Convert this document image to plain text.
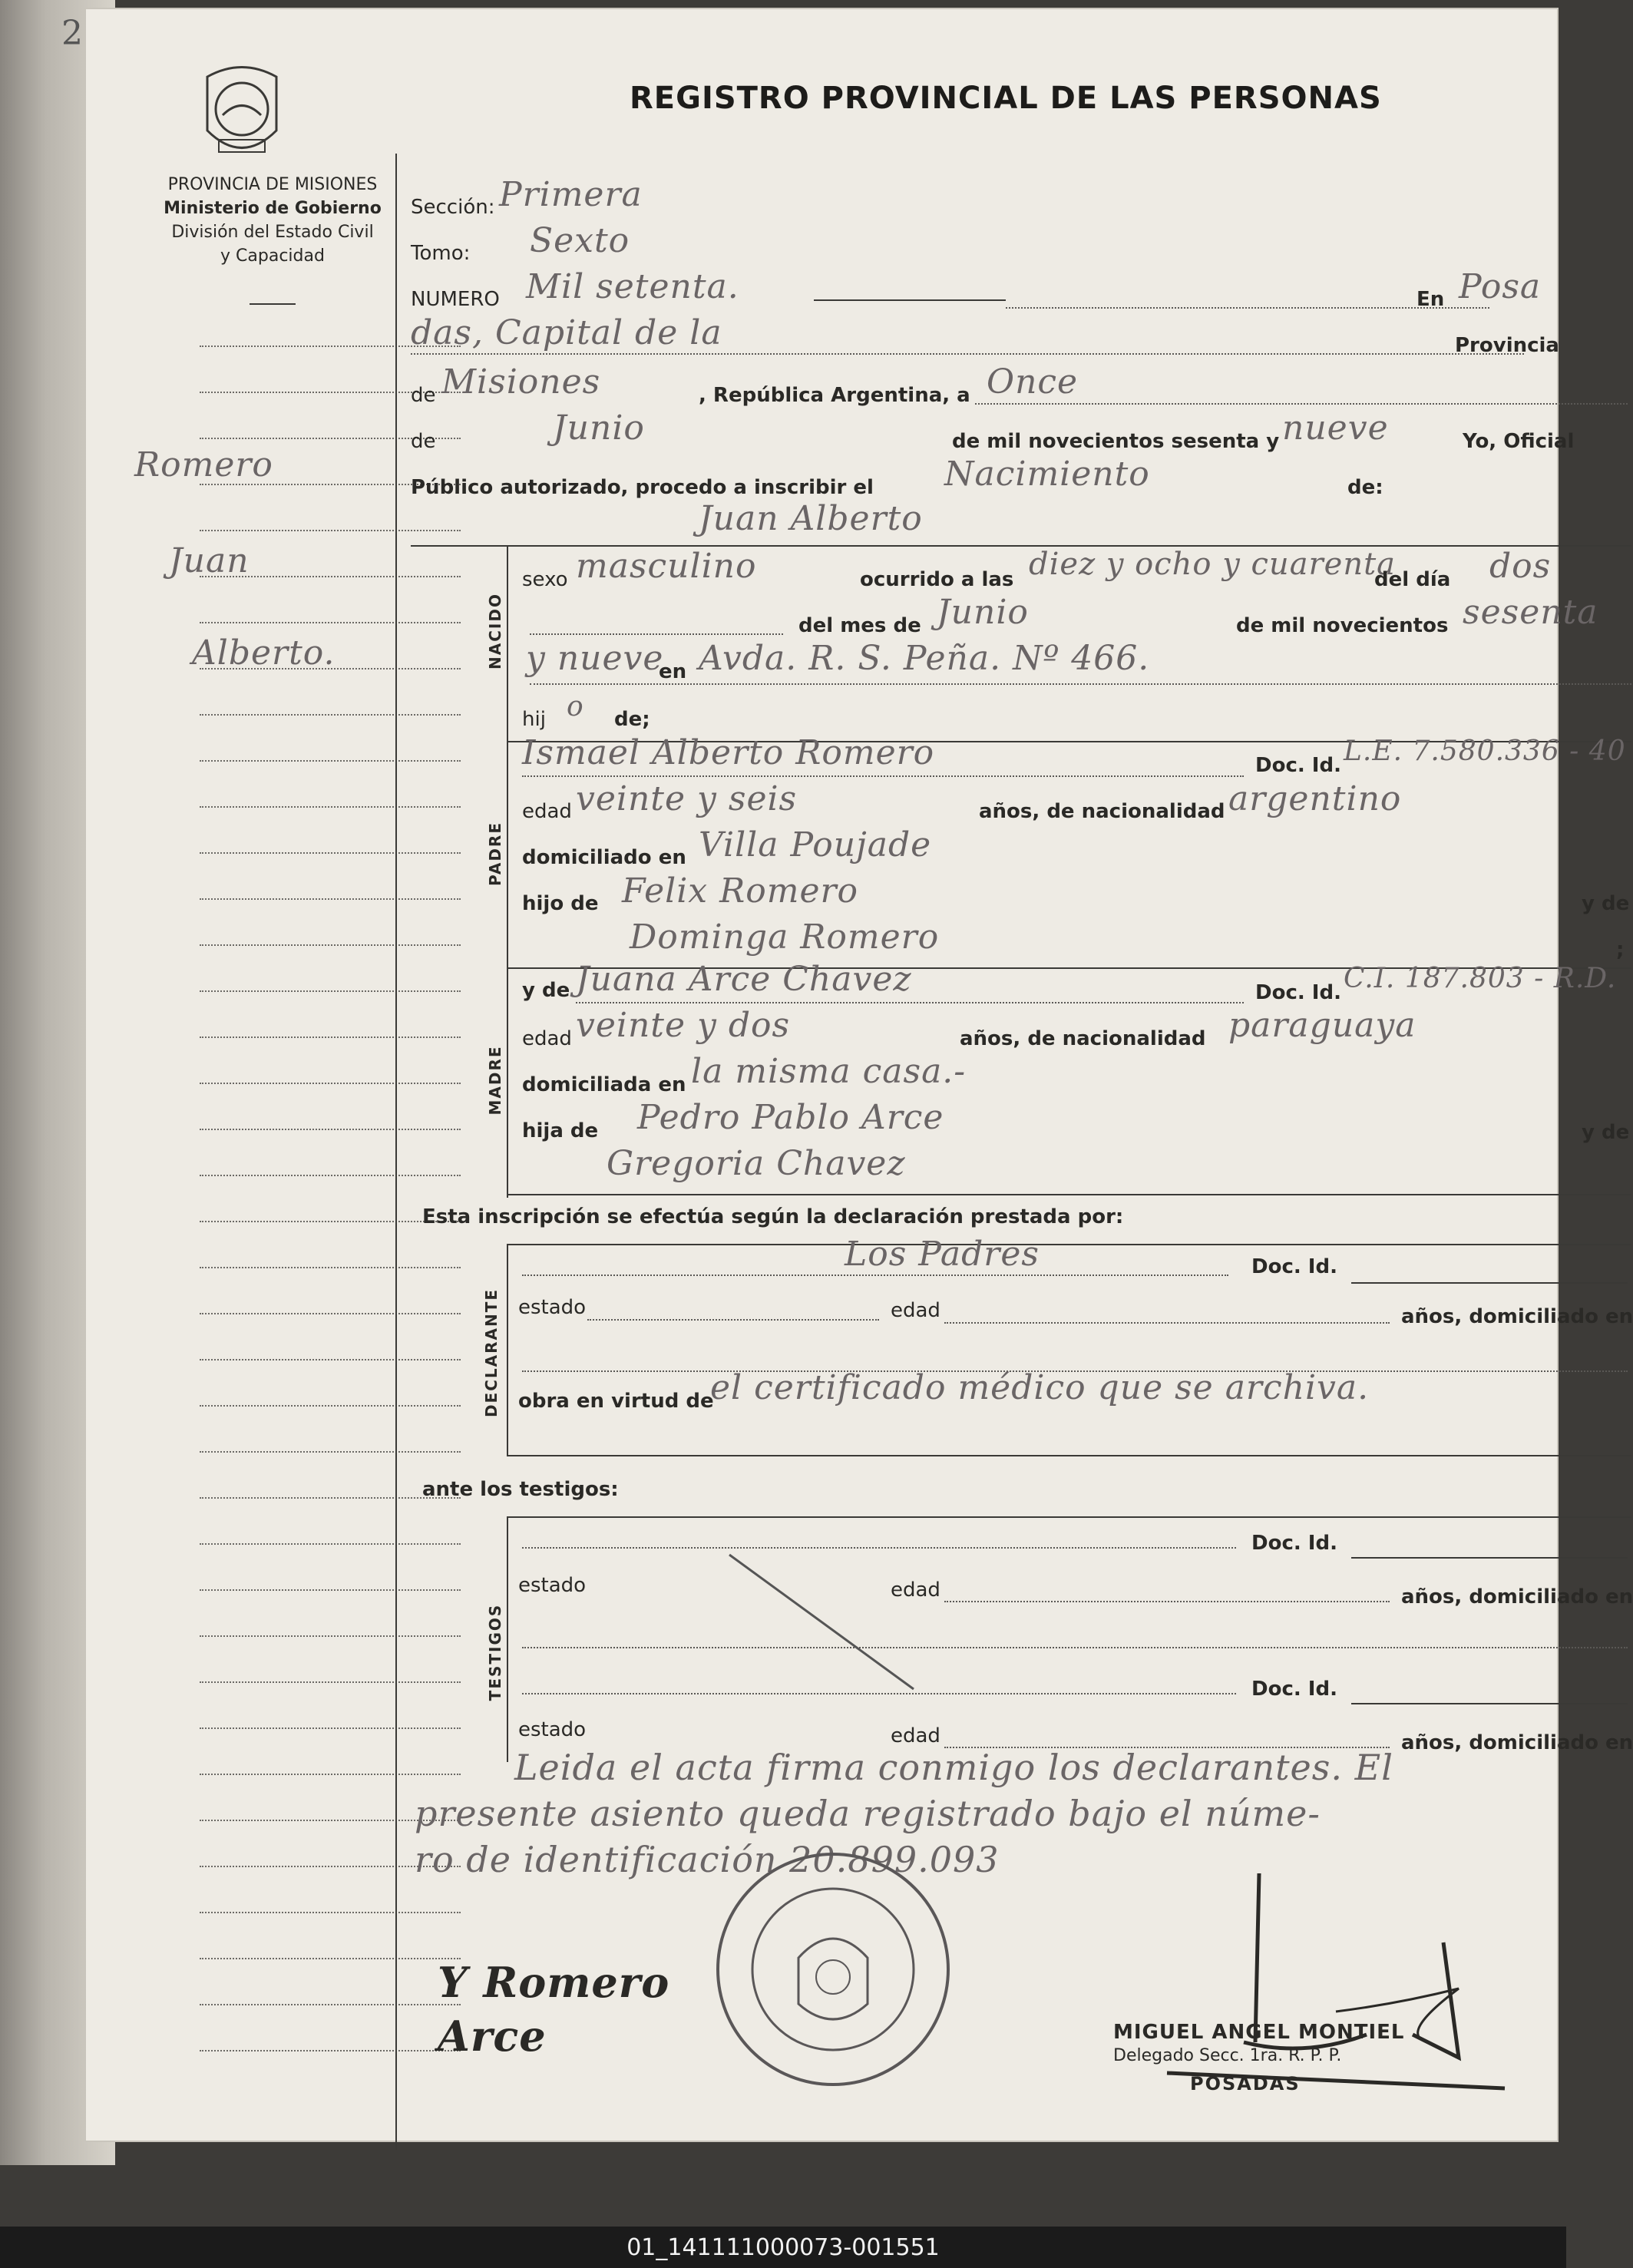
2
PROVINCIA DE MISIONES
Ministerio de Gobierno
División del Estado Civil
y Capacidad
REGISTRO PROVINCIAL DE LAS PERSONAS
Romero
Juan
Alberto.
Sección: Primera
Tomo: Sexto
NUMERO Mil setenta.	En Posa
das, Capital de la	Provincia
de Misiones	, República Argentina, a Once
de	Junio	de mil novecientos sesenta y nueve	Yo, Oficial
Público autorizado, procedo a inscribir el Nacimiento	de:
Juan Alberto
NACIDO
sexo masculino	ocurrido a las diez y ocho y cuarenta
del día dos
del mes de Junio	de mil novecientos sesenta
y nueve
en Avda. R. S. Peña. Nº 466.
hij o de;
PADRE
Ismael Alberto Romero	Doc. Id. L.E. 7.580.336 - 40
edad veinte y seis	años, de nacionalidad argentino
domiciliado en Villa Poujade
hijo de Felix Romero	y de
Dominga Romero	;
MADRE
y de Juana Arce Chavez	Doc. Id. C.I. 187.803 - R.D.
edad veinte y dos	años, de nacionalidad paraguaya
domiciliada en la misma casa.-
hija de Pedro Pablo Arce	y de
Gregoria Chavez
Esta inscripción se efectúa según la declaración prestada por:
DECLARANTE
Los Padres	Doc. Id.
estado	edad	años, domiciliado en
obra en virtud de
el certificado médico que se archiva.
ante los testigos:
TESTIGOS
Doc. Id.
estado	edad	años, domiciliado en
Doc. Id.
estado	edad	años, domiciliado en
Leida el acta firma conmigo los declarantes. El
presente asiento queda registrado bajo el núme-
ro de identificación 20.899.093
Y Romero
Arce	MIGUEL ANGEL MONTIEL
Delegado Secc. 1ra. R. P. P.
POSADAS
01_141111000073-001551
